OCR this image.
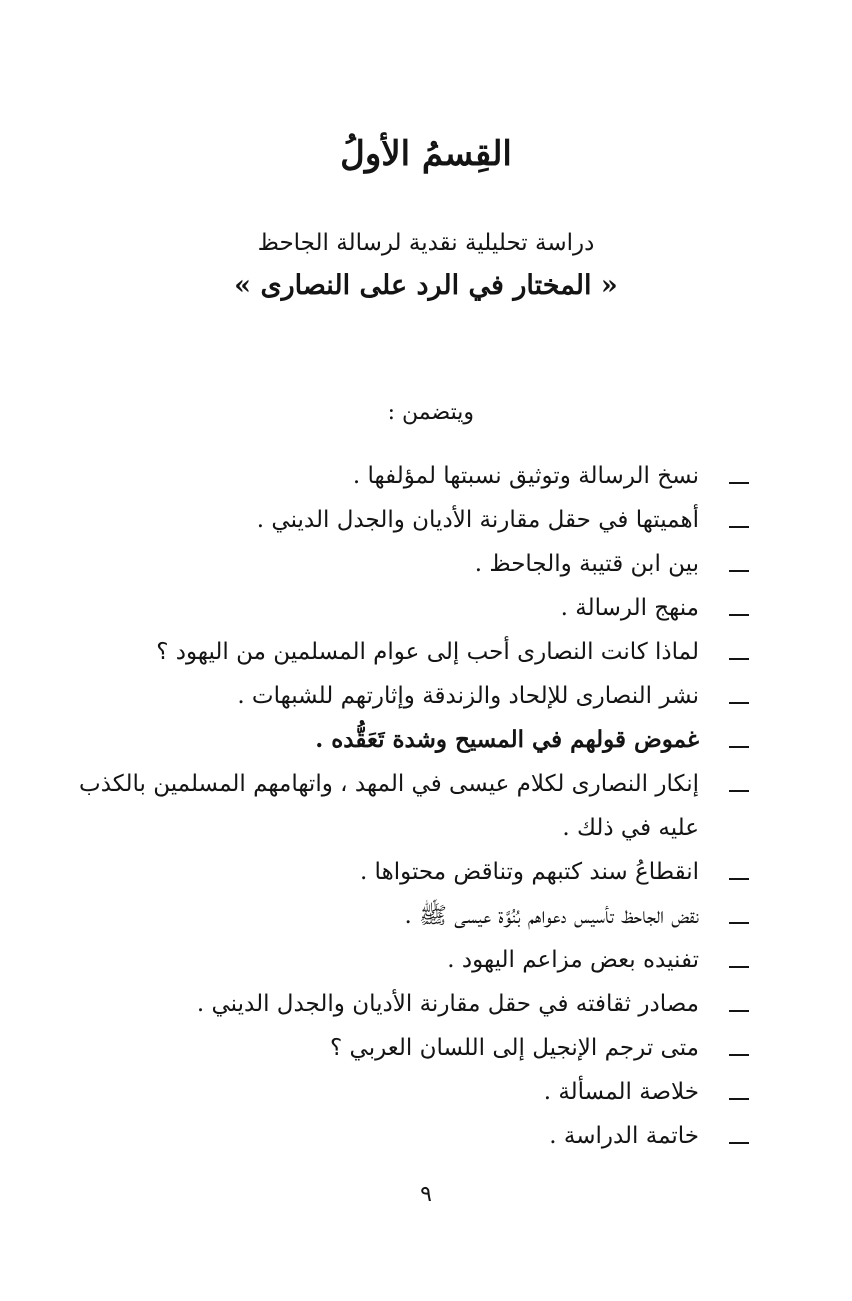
القِسمُ الأولُ
دراسة تحليلية نقدية لرسالة الجاحظ
« المختار في الرد على النصارى »
ويتضمن :
نسخ الرسالة وتوثيق نسبتها لمؤلفها .
أهميتها في حقل مقارنة الأديان والجدل الديني .
بين ابن قتيبة والجاحظ .
منهج الرسالة .
لماذا كانت النصارى أحب إلى عوام المسلمين من اليهود ؟
نشر النصارى للإلحاد والزندقة وإثارتهم للشبهات .
غموض قولهم في المسيح وشدة تَعَقُّده .
إنكار النصارى لكلام عيسى في المهد ، واتهامهم المسلمين بالكذب عليه في ذلك .
انقطاعُ سند كتبهم وتناقض محتواها .
نقض الجاحظ تأسيس دعواهم بُنُوَّة عيسى ﷺ .
تفنيده بعض مزاعم اليهود .
مصادر ثقافته في حقل مقارنة الأديان والجدل الديني .
متى ترجم الإنجيل إلى اللسان العربي ؟
خلاصة المسألة .
خاتمة الدراسة .
٩
